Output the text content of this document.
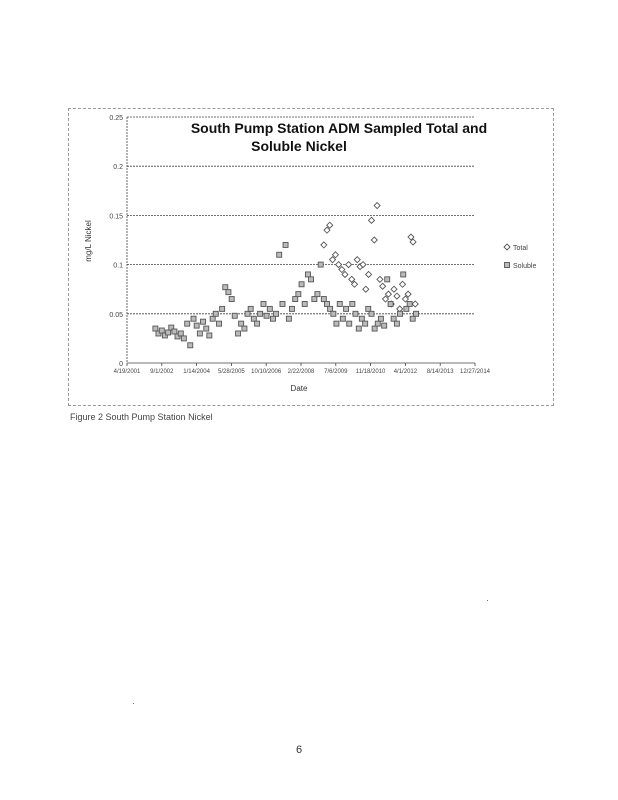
0
0.05
0.1
0.15
0.2
0.25
4/19/2001 9/1/2002 1/14/2004 5/28/2005 10/10/2006 2/22/2008 7/6/2009 11/18/2010 4/1/2012 8/14/2013 12/27/2014
South Pump Station ADM Sampled Total and
Soluble Nickel
Date
mg/L Nickel	Total
Soluble
Figure 2 South Pump Station Nickel
6
